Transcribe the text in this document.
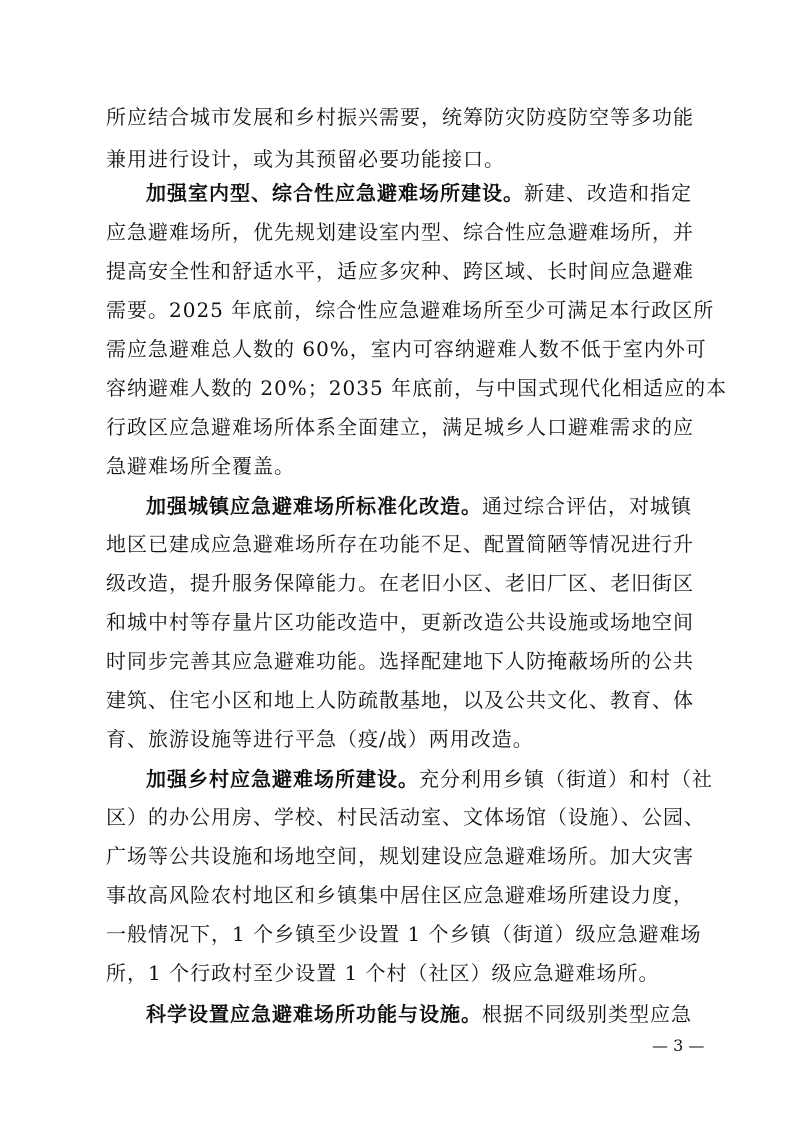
所应结合城市发展和乡村振兴需要，统筹防灾防疫防空等多功能
兼用进行设计，或为其预留必要功能接口。
加强室内型、综合性应急避难场所建设。新建、改造和指定
应急避难场所，优先规划建设室内型、综合性应急避难场所，并
提高安全性和舒适水平，适应多灾种、跨区域、长时间应急避难
需要。2025 年底前，综合性应急避难场所至少可满足本行政区所
需应急避难总人数的 60%，室内可容纳避难人数不低于室内外可
容纳避难人数的 20%；2035 年底前，与中国式现代化相适应的本
行政区应急避难场所体系全面建立，满足城乡人口避难需求的应
急避难场所全覆盖。
加强城镇应急避难场所标准化改造。通过综合评估，对城镇
地区已建成应急避难场所存在功能不足、配置简陋等情况进行升
级改造，提升服务保障能力。在老旧小区、老旧厂区、老旧街区
和城中村等存量片区功能改造中，更新改造公共设施或场地空间
时同步完善其应急避难功能。选择配建地下人防掩蔽场所的公共
建筑、住宅小区和地上人防疏散基地，以及公共文化、教育、体
育、旅游设施等进行平急（疫/战）两用改造。
加强乡村应急避难场所建设。充分利用乡镇（街道）和村（社
区）的办公用房、学校、村民活动室、文体场馆（设施）、公园、
广场等公共设施和场地空间，规划建设应急避难场所。加大灾害
事故高风险农村地区和乡镇集中居住区应急避难场所建设力度，
一般情况下，1 个乡镇至少设置 1 个乡镇（街道）级应急避难场
所，1 个行政村至少设置 1 个村（社区）级应急避难场所。
科学设置应急避难场所功能与设施。根据不同级别类型应急
— 3 —
